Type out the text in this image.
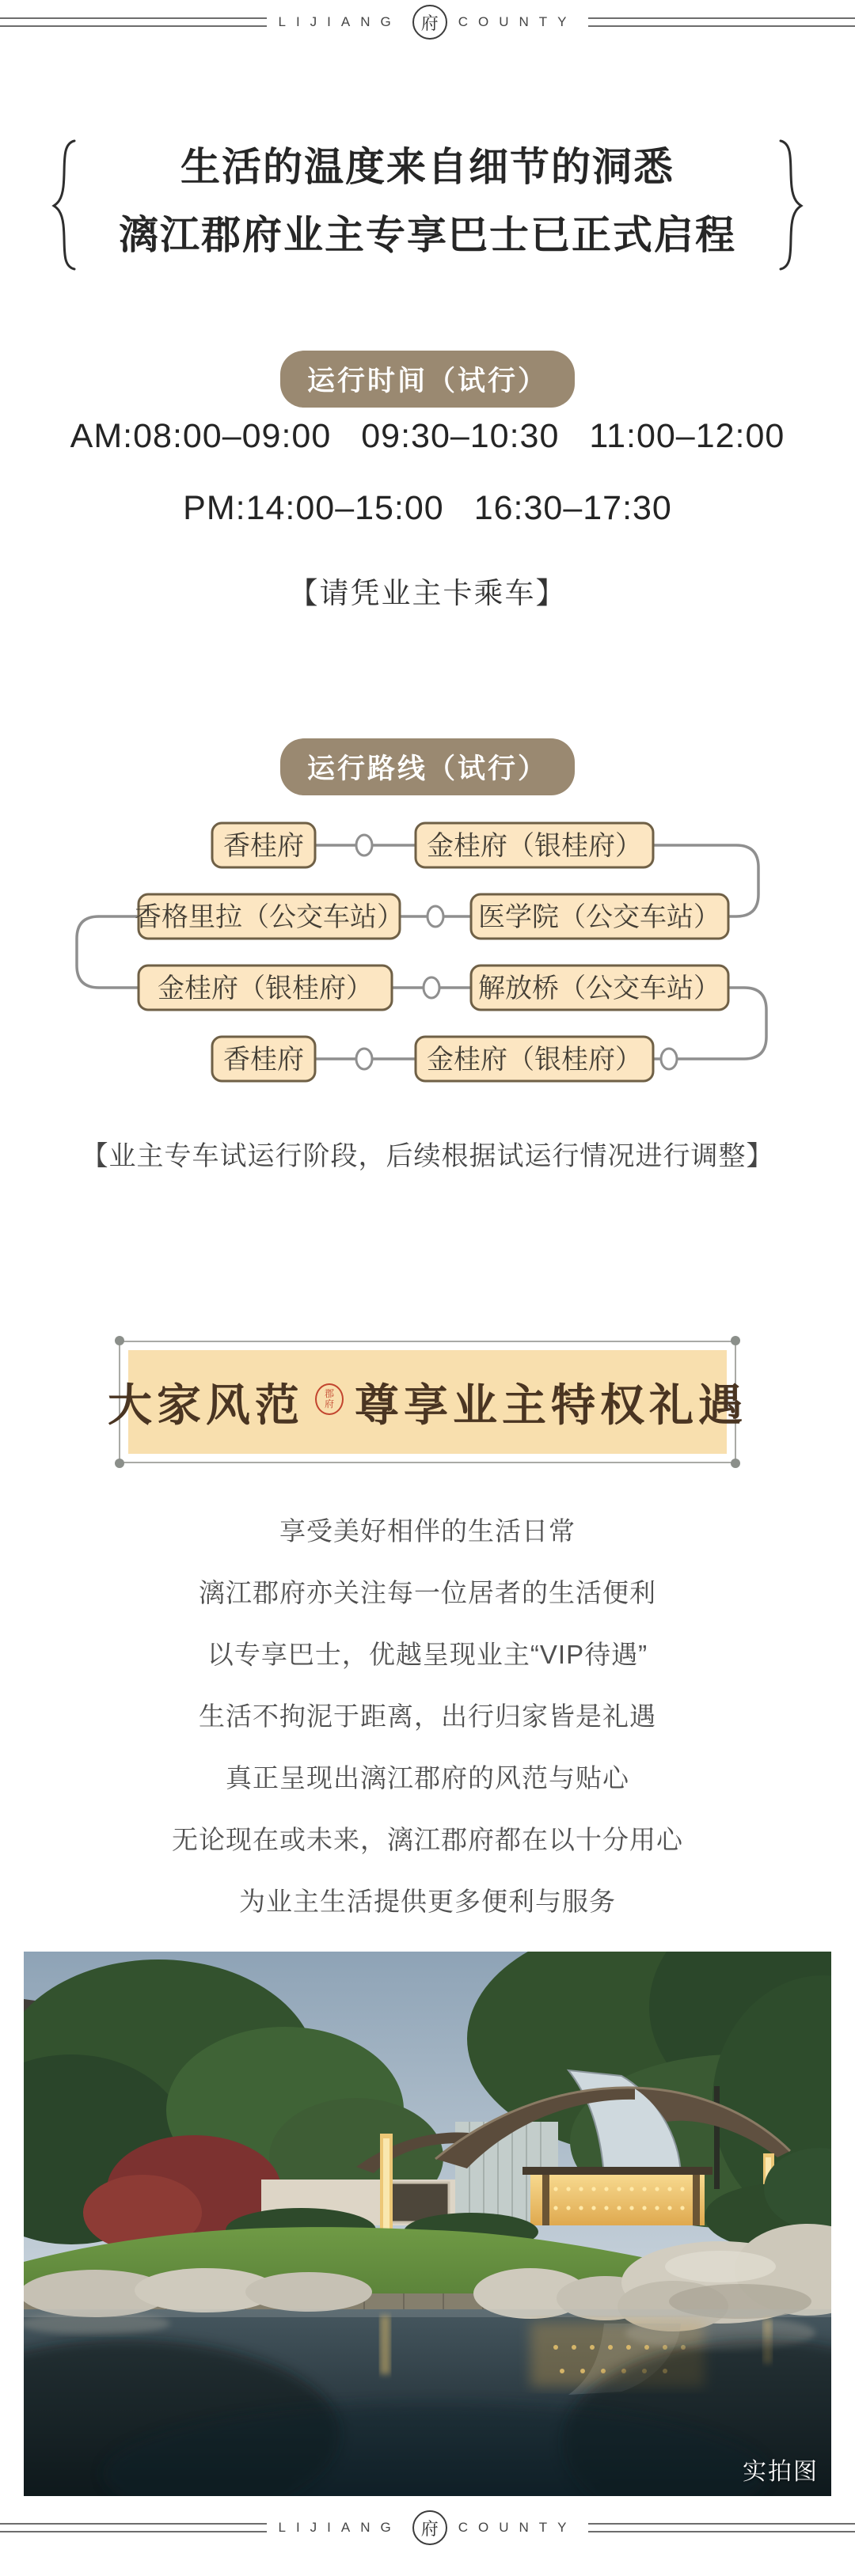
LIJIANG 府 COUNTY
生活的温度来自细节的洞悉
漓江郡府业主专享巴士已正式启程
运行时间（试行）
AM:08:00–09:00 09:30–10:30 11:00–12:00
PM:14:00–15:00 16:30–17:30
【请凭业主卡乘车】
运行路线（试行）
香桂府	金桂府（银桂府）
香格里拉（公交车站）	医学院（公交车站）
金桂府（银桂府）	解放桥（公交车站）
香桂府	金桂府（银桂府）
【业主专车试运行阶段，后续根据试运行情况进行调整】
大家风范 郡
府 尊享业主特权礼遇
享受美好相伴的生活日常
漓江郡府亦关注每一位居者的生活便利
以专享巴士，优越呈现业主“VIP待遇”
生活不拘泥于距离，出行归家皆是礼遇
真正呈现出漓江郡府的风范与贴心
无论现在或未来，漓江郡府都在以十分用心
为业主生活提供更多便利与服务
实拍图
LIJIANG 府 COUNTY
